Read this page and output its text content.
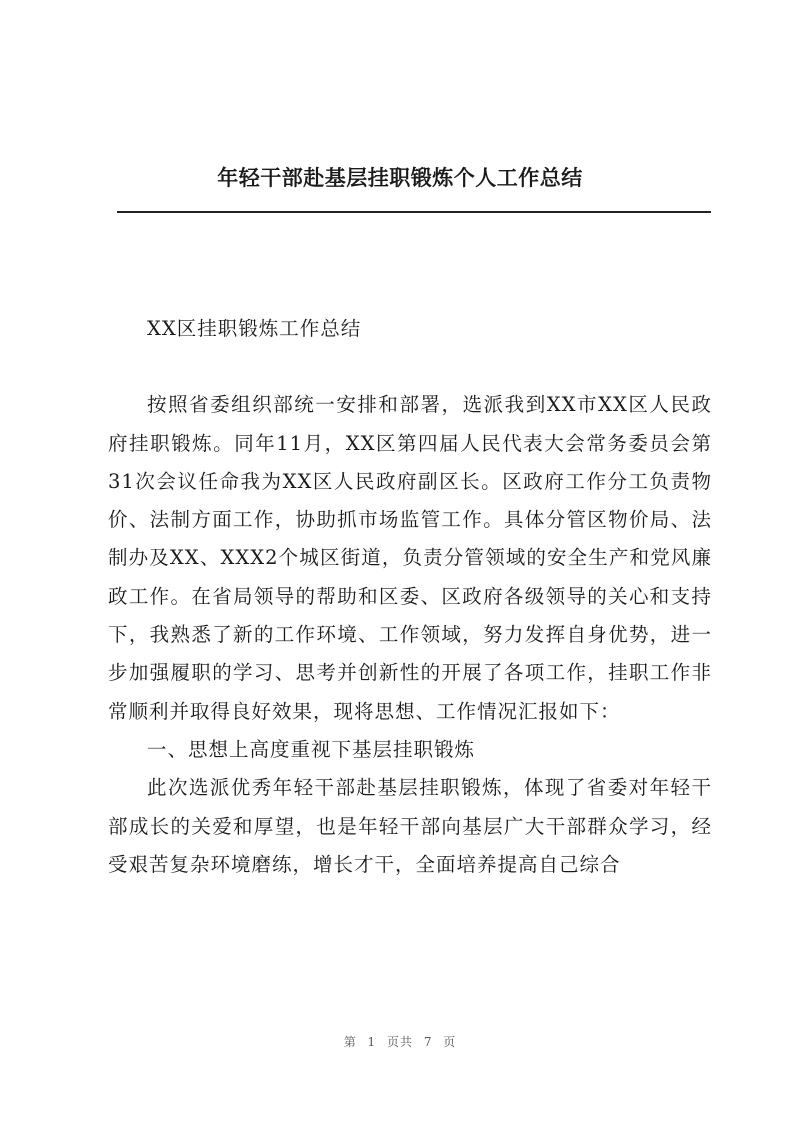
年轻干部赴基层挂职锻炼个人工作总结

XX区挂职锻炼工作总结

按照省委组织部统一安排和部署，选派我到XX市XX区人民政府挂职锻炼。同年11月，XX区第四届人民代表大会常务委员会第31次会议任命我为XX区人民政府副区长。区政府工作分工负责物价、法制方面工作，协助抓市场监管工作。具体分管区物价局、法制办及XX、XXX2个城区街道，负责分管领域的安全生产和党风廉政工作。在省局领导的帮助和区委、区政府各级领导的关心和支持下，我熟悉了新的工作环境、工作领域，努力发挥自身优势，进一步加强履职的学习、思考并创新性的开展了各项工作，挂职工作非常顺利并取得良好效果，现将思想、工作情况汇报如下：

一、思想上高度重视下基层挂职锻炼

此次选派优秀年轻干部赴基层挂职锻炼，体现了省委对年轻干部成长的关爱和厚望，也是年轻干部向基层广大干部群众学习，经受艰苦复杂环境磨练，增长才干，全面培养提高自己综合

第 1 页共 7 页
